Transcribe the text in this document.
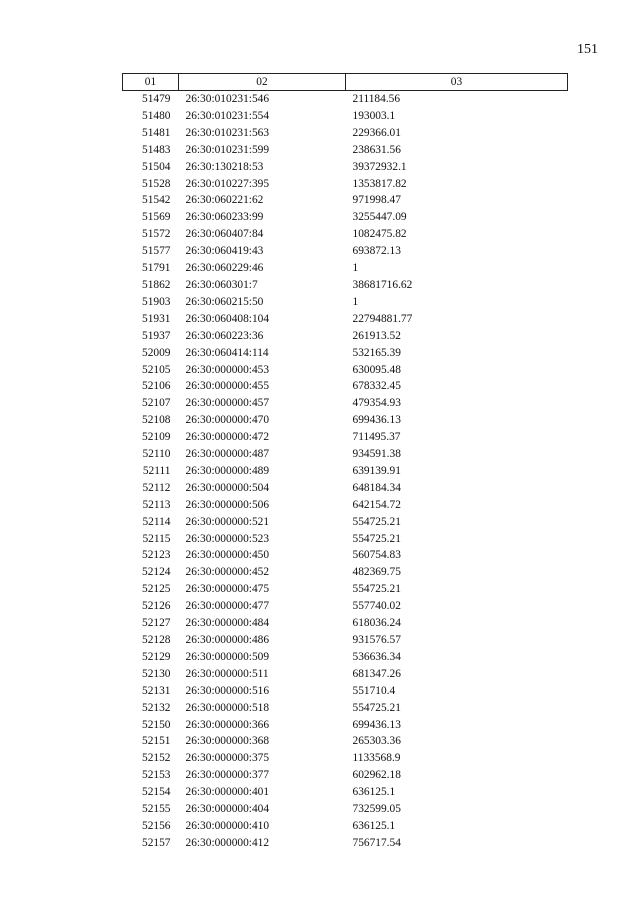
151
01	02	03
51479	26:30:010231:546	211184.56
51480	26:30:010231:554	193003.1
51481	26:30:010231:563	229366.01
51483	26:30:010231:599	238631.56
51504	26:30:130218:53	39372932.1
51528	26:30:010227:395	1353817.82
51542	26:30:060221:62	971998.47
51569	26:30:060233:99	3255447.09
51572	26:30:060407:84	1082475.82
51577	26:30:060419:43	693872.13
51791	26:30:060229:46	1
51862	26:30:060301:7	38681716.62
51903	26:30:060215:50	1
51931	26:30:060408:104	22794881.77
51937	26:30:060223:36	261913.52
52009	26:30:060414:114	532165.39
52105	26:30:000000:453	630095.48
52106	26:30:000000:455	678332.45
52107	26:30:000000:457	479354.93
52108	26:30:000000:470	699436.13
52109	26:30:000000:472	711495.37
52110	26:30:000000:487	934591.38
52111	26:30:000000:489	639139.91
52112	26:30:000000:504	648184.34
52113	26:30:000000:506	642154.72
52114	26:30:000000:521	554725.21
52115	26:30:000000:523	554725.21
52123	26:30:000000:450	560754.83
52124	26:30:000000:452	482369.75
52125	26:30:000000:475	554725.21
52126	26:30:000000:477	557740.02
52127	26:30:000000:484	618036.24
52128	26:30:000000:486	931576.57
52129	26:30:000000:509	536636.34
52130	26:30:000000:511	681347.26
52131	26:30:000000:516	551710.4
52132	26:30:000000:518	554725.21
52150	26:30:000000:366	699436.13
52151	26:30:000000:368	265303.36
52152	26:30:000000:375	1133568.9
52153	26:30:000000:377	602962.18
52154	26:30:000000:401	636125.1
52155	26:30:000000:404	732599.05
52156	26:30:000000:410	636125.1
52157	26:30:000000:412	756717.54
